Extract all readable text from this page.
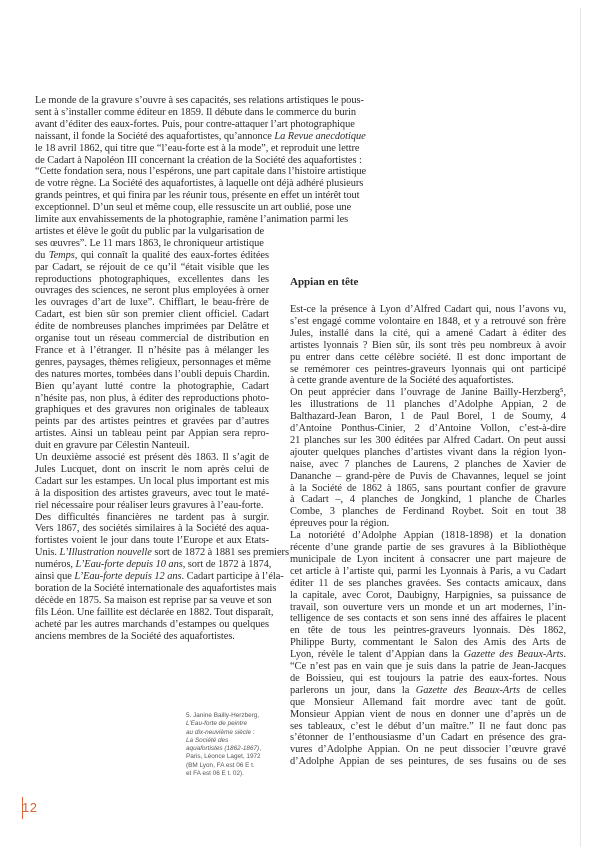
Le monde de la gravure s’ouvre à ses capacités, ses relations artistiques le pous-
sent à s’installer comme éditeur en 1859. Il débute dans le commerce du burin
avant d’éditer des eaux-fortes. Puis, pour contre-attaquer l’art photographique
naissant, il fonde la Société des aquafortistes, qu’annonce La Revue anecdotique
le 18 avril 1862, qui titre que “l’eau-forte est à la mode”, et reproduit une lettre
de Cadart à Napoléon III concernant la création de la Société des aquafortistes :
“Cette fondation sera, nous l’espérons, une part capitale dans l’histoire artistique
de votre règne. La Société des aquafortistes, à laquelle ont déjà adhéré plusieurs
grands peintres, et qui finira par les réunir tous, présente en effet un intérêt tout
exceptionnel. D’un seul et même coup, elle ressuscite un art oublié, pose une
limite aux envahissements de la photographie, ramène l’animation parmi les
artistes et élève le goût du public par la vulgarisation de
ses œuvres”. Le 11 mars 1863, le chroniqueur artistique
du Temps, qui connaît la qualité des eaux-fortes éditées
par Cadart, se réjouit de ce qu’il “était visible que les
reproductions photographiques, excellentes dans les
ouvrages des sciences, ne seront plus employées à orner
les ouvrages d’art de luxe”. Chifflart, le beau-frère de
Cadart, est bien sûr son premier client officiel. Cadart
édite de nombreuses planches imprimées par Delâtre et
organise tout un réseau commercial de distribution en
France et à l’étranger. Il n’hésite pas à mélanger les
genres, paysages, thèmes religieux, personnages et même
des natures mortes, tombées dans l’oubli depuis Chardin.
Bien qu’ayant lutté contre la photographie, Cadart
n’hésite pas, non plus, à éditer des reproductions photo-
graphiques et des gravures non originales de tableaux
peints par des artistes peintres et gravées par d’autres
artistes. Ainsi un tableau peint par Appian sera repro-
duit en gravure par Célestin Nanteuil.
Un deuxième associé est présent dès 1863. Il s’agit de
Jules Lucquet, dont on inscrit le nom après celui de
Cadart sur les estampes. Un local plus important est mis
à la disposition des artistes graveurs, avec tout le maté-
riel nécessaire pour réaliser leurs gravures à l’eau-forte.
Des difficultés financières ne tardent pas à surgir.
Vers 1867, des sociétés similaires à la Société des aqua-
fortistes voient le jour dans toute l’Europe et aux Etats-
Unis. L’Illustration nouvelle sort de 1872 à 1881 ses premiers
numéros, L’Eau-forte depuis 10 ans, sort de 1872 à 1874,
ainsi que L’Eau-forte depuis 12 ans. Cadart participe à l’éla-
boration de la Société internationale des aquafortistes mais
décède en 1875. Sa maison est reprise par sa veuve et son
fils Léon. Une faillite est déclarée en 1882. Tout disparaît,
acheté par les autres marchands d’estampes ou quelques
anciens membres de la Société des aquafortistes.
Appian en tête
Est-ce la présence à Lyon d’Alfred Cadart qui, nous l’avons vu,
s’est engagé comme volontaire en 1848, et y a retrouvé son frère
Jules, installé dans la cité, qui a amené Cadart à éditer des
artistes lyonnais ? Bien sûr, ils sont très peu nombreux à avoir
pu entrer dans cette célèbre société. Il est donc important de
se remémorer ces peintres-graveurs lyonnais qui ont participé
à cette grande aventure de la Société des aquafortistes.
On peut apprécier dans l’ouvrage de Janine Bailly-Herzberg⁵,
les illustrations de 11 planches d’Adolphe Appian, 2 de
Balthazard-Jean Baron, 1 de Paul Borel, 1 de Soumy, 4
d’Antoine Ponthus-Cinier, 2 d’Antoine Vollon, c’est-à-dire
21 planches sur les 300 éditées par Alfred Cadart. On peut aussi
ajouter quelques planches d’artistes vivant dans la région lyon-
naise, avec 7 planches de Laurens, 2 planches de Xavier de
Dananche – grand-père de Puvis de Chavannes, lequel se joint
à la Société de 1862 à 1865, sans pourtant confier de gravure
à Cadart –, 4 planches de Jongkind, 1 planche de Charles
Combe, 3 planches de Ferdinand Roybet. Soit en tout 38
épreuves pour la région.
La notoriété d’Adolphe Appian (1818-1898) et la donation
récente d’une grande partie de ses gravures à la Bibliothèque
municipale de Lyon incitent à consacrer une part majeure de
cet article à l’artiste qui, parmi les Lyonnais à Paris, a vu Cadart
éditer 11 de ses planches gravées. Ses contacts amicaux, dans
la capitale, avec Corot, Daubigny, Harpignies, sa puissance de
travail, son ouverture vers un monde et un art modernes, l’in-
telligence de ses contacts et son sens inné des affaires le placent
en tête de tous les peintres-graveurs lyonnais. Dès 1862,
Philippe Burty, commentant le Salon des Amis des Arts de
Lyon, révèle le talent d’Appian dans la Gazette des Beaux-Arts.
“Ce n’est pas en vain que je suis dans la patrie de Jean-Jacques
de Boissieu, qui est toujours la patrie des eaux-fortes. Nous
parlerons un jour, dans la Gazette des Beaux-Arts de celles
que Monsieur Allemand fait mordre avec tant de goût.
Monsieur Appian vient de nous en donner une d’après un de
ses tableaux, c’est le début d’un maître.” Il ne faut donc pas
s’étonner de l’enthousiasme d’un Cadart en présence des gra-
vures d’Adolphe Appian. On ne peut dissocier l’œuvre gravé
d’Adolphe Appian de ses peintures, de ses fusains ou de ses
5. Janine Bailly-Herzberg,
L’Eau-forte de peintre
au dix-neuvième siècle :
La Société des
aquafortistes (1862-1867),
Paris, Léonce Laget, 1972
(BM Lyon, FA est 06 E t.
et FA est 06 E t. 02).
12
